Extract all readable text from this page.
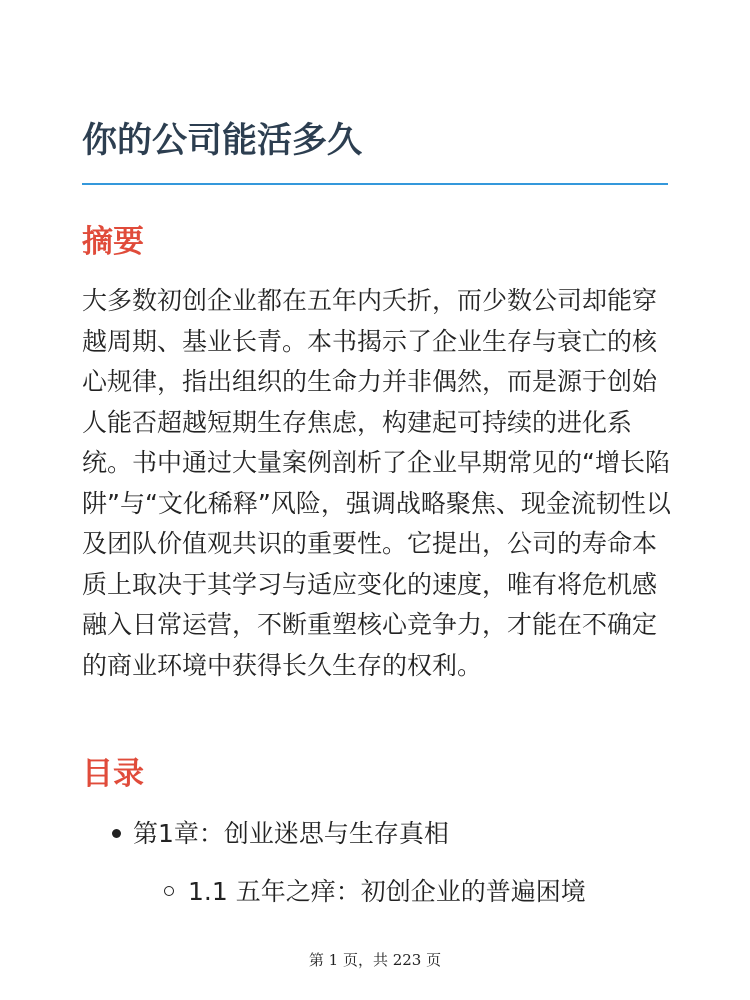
你的公司能活多久
摘要

大多数初创企业都在五年内夭折，而少数公司却能穿越周期、基业长青。本书揭示了企业生存与衰亡的核心规律，指出组织的生命力并非偶然，而是源于创始人能否超越短期生存焦虑，构建起可持续的进化系统。书中通过大量案例剖析了企业早期常见的“增长陷阱”与“文化稀释”风险，强调战略聚焦、现金流韧性以及团队价值观共识的重要性。它提出，公司的寿命本质上取决于其学习与适应变化的速度，唯有将危机感融入日常运营，不断重塑核心竞争力，才能在不确定的商业环境中获得长久生存的权利。

目录
第1章：创业迷思与生存真相
1.1 五年之痒：初创企业的普遍困境
第 1 页，共 223 页
